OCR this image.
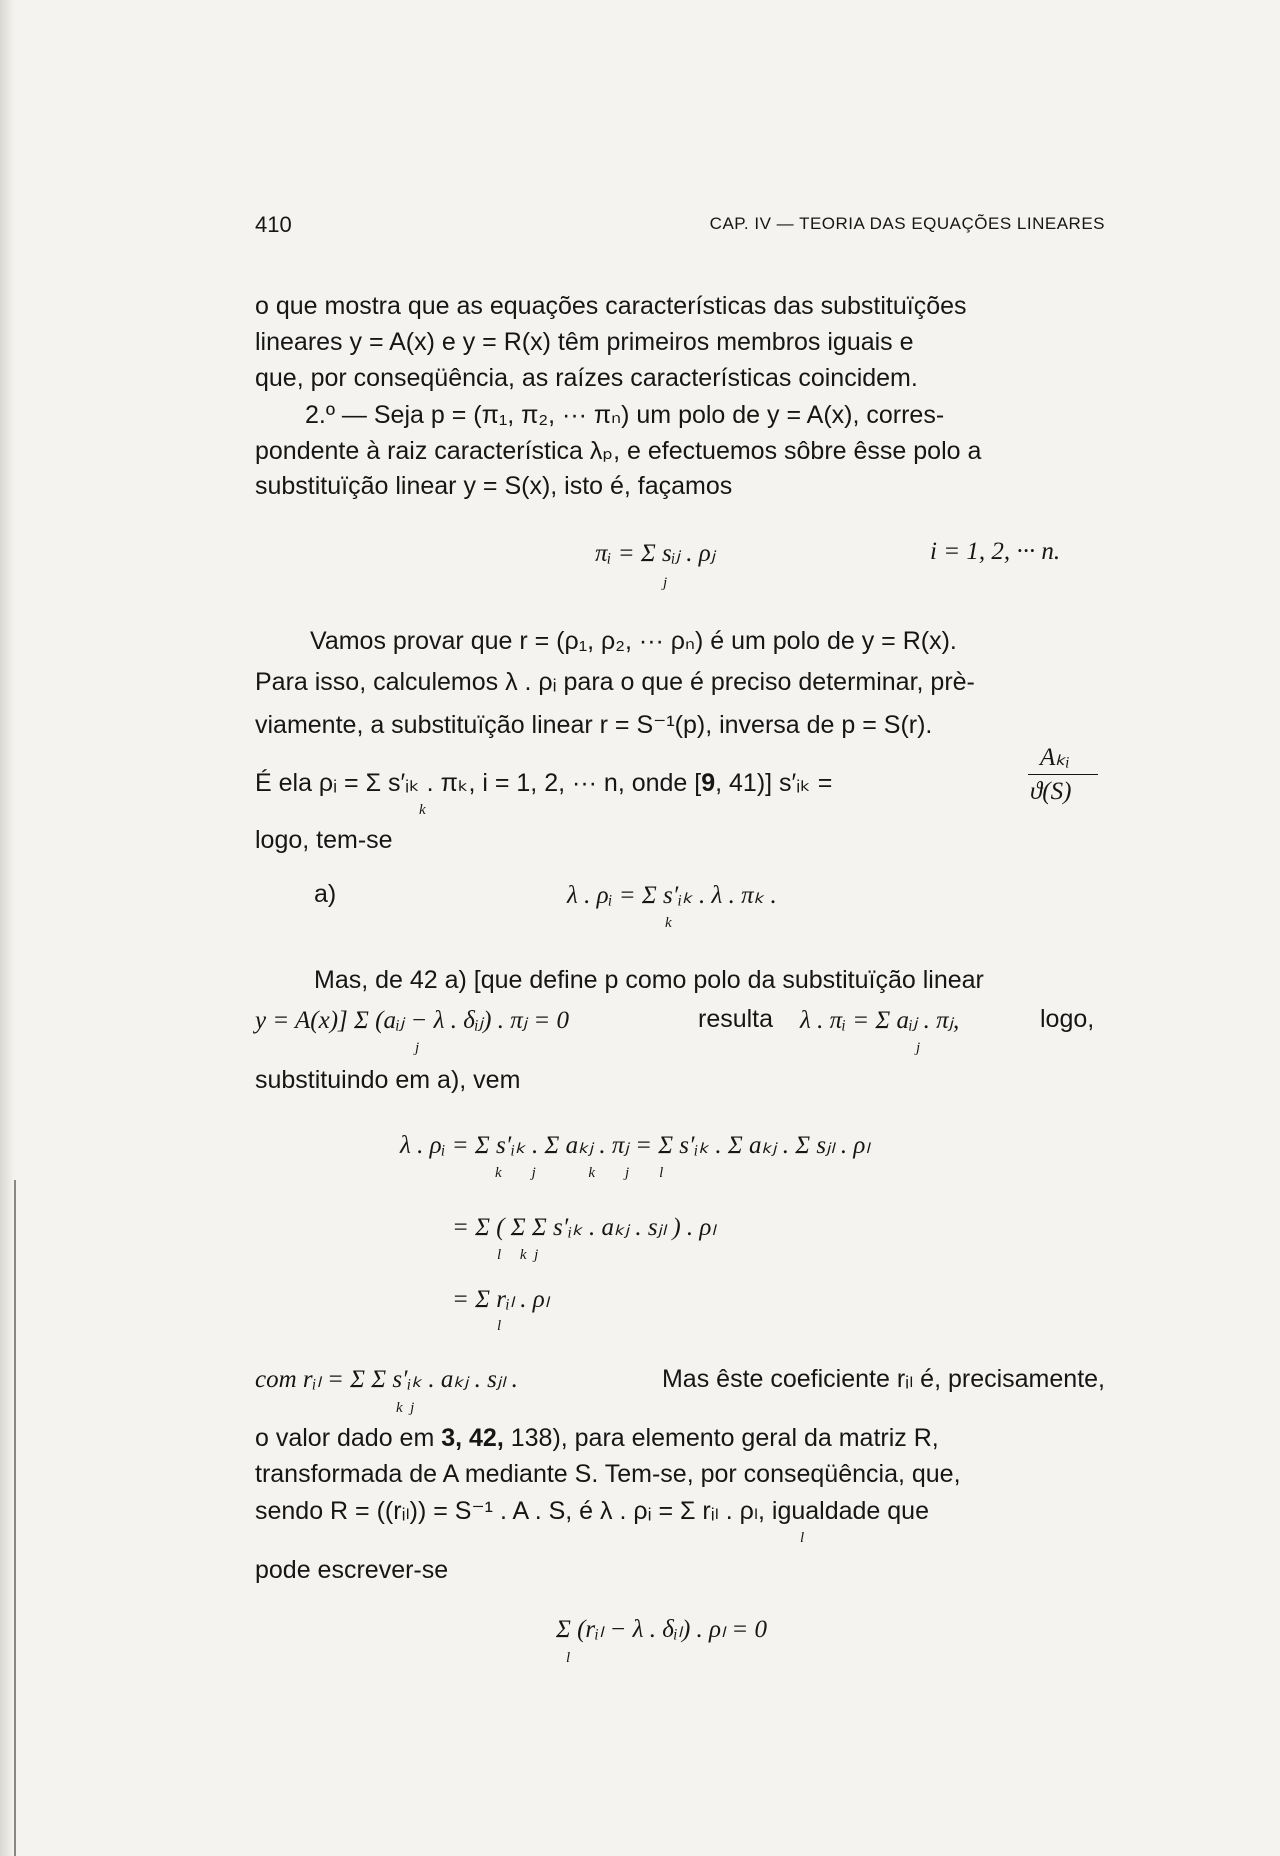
410	CAP. IV — TEORIA DAS EQUAÇÕES LINEARES
o que mostra que as equações características das substituïções
lineares y = A(x) e y = R(x) têm primeiros membros iguais e
que, por conseqüência, as raízes características coincidem.
2.º — Seja p = (π₁, π₂, ··· πₙ) um polo de y = A(x), corres-
pondente à raiz característica λₚ, e efectuemos sôbre êsse polo a
substituïção linear y = S(x), isto é, façamos
πᵢ = Σ sᵢⱼ . ρⱼ
j
i = 1, 2, ··· n.
Vamos provar que r = (ρ₁, ρ₂, ··· ρₙ) é um polo de y = R(x).
Para isso, calculemos λ . ρᵢ para o que é preciso determinar, prè-
viamente, a substituïção linear r = S⁻¹(p), inversa de p = S(r).
É ela ρᵢ = Σ s′ᵢₖ . πₖ, i = 1, 2, ··· n, onde [9, 41)] s′ᵢₖ =
k
Aₖᵢ
ϑ(S)
logo, tem-se
a)	λ . ρᵢ = Σ s′ᵢₖ . λ . πₖ .
k
Mas, de 42 a) [que define p como polo da substituïção linear
y = A(x)] Σ (aᵢⱼ − λ . δᵢⱼ) . πⱼ = 0
j
resulta	λ . πᵢ = Σ aᵢⱼ . πⱼ,
j
logo,
substituindo em a), vem
λ . ρᵢ = Σ s′ᵢₖ . Σ aₖⱼ . πⱼ = Σ s′ᵢₖ . Σ aₖⱼ . Σ sⱼₗ . ρₗ
k        j              k        j        l
= Σ ( Σ Σ s′ᵢₖ . aₖⱼ . sⱼₗ ) . ρₗ
l     k  j
= Σ rᵢₗ . ρₗ
l
com rᵢₗ = Σ Σ s′ᵢₖ . aₖⱼ . sⱼₗ .
k  j
Mas êste coeficiente rᵢₗ é, precisamente,
o valor dado em 3, 42, 138), para elemento geral da matriz R,
transformada de A mediante S. Tem-se, por conseqüência, que,
sendo R = ((rᵢₗ)) = S⁻¹ . A . S, é λ . ρᵢ = Σ rᵢₗ . ρₗ, igualdade que
l
pode escrever-se
Σ (rᵢₗ − λ . δᵢₗ) . ρₗ = 0
l
